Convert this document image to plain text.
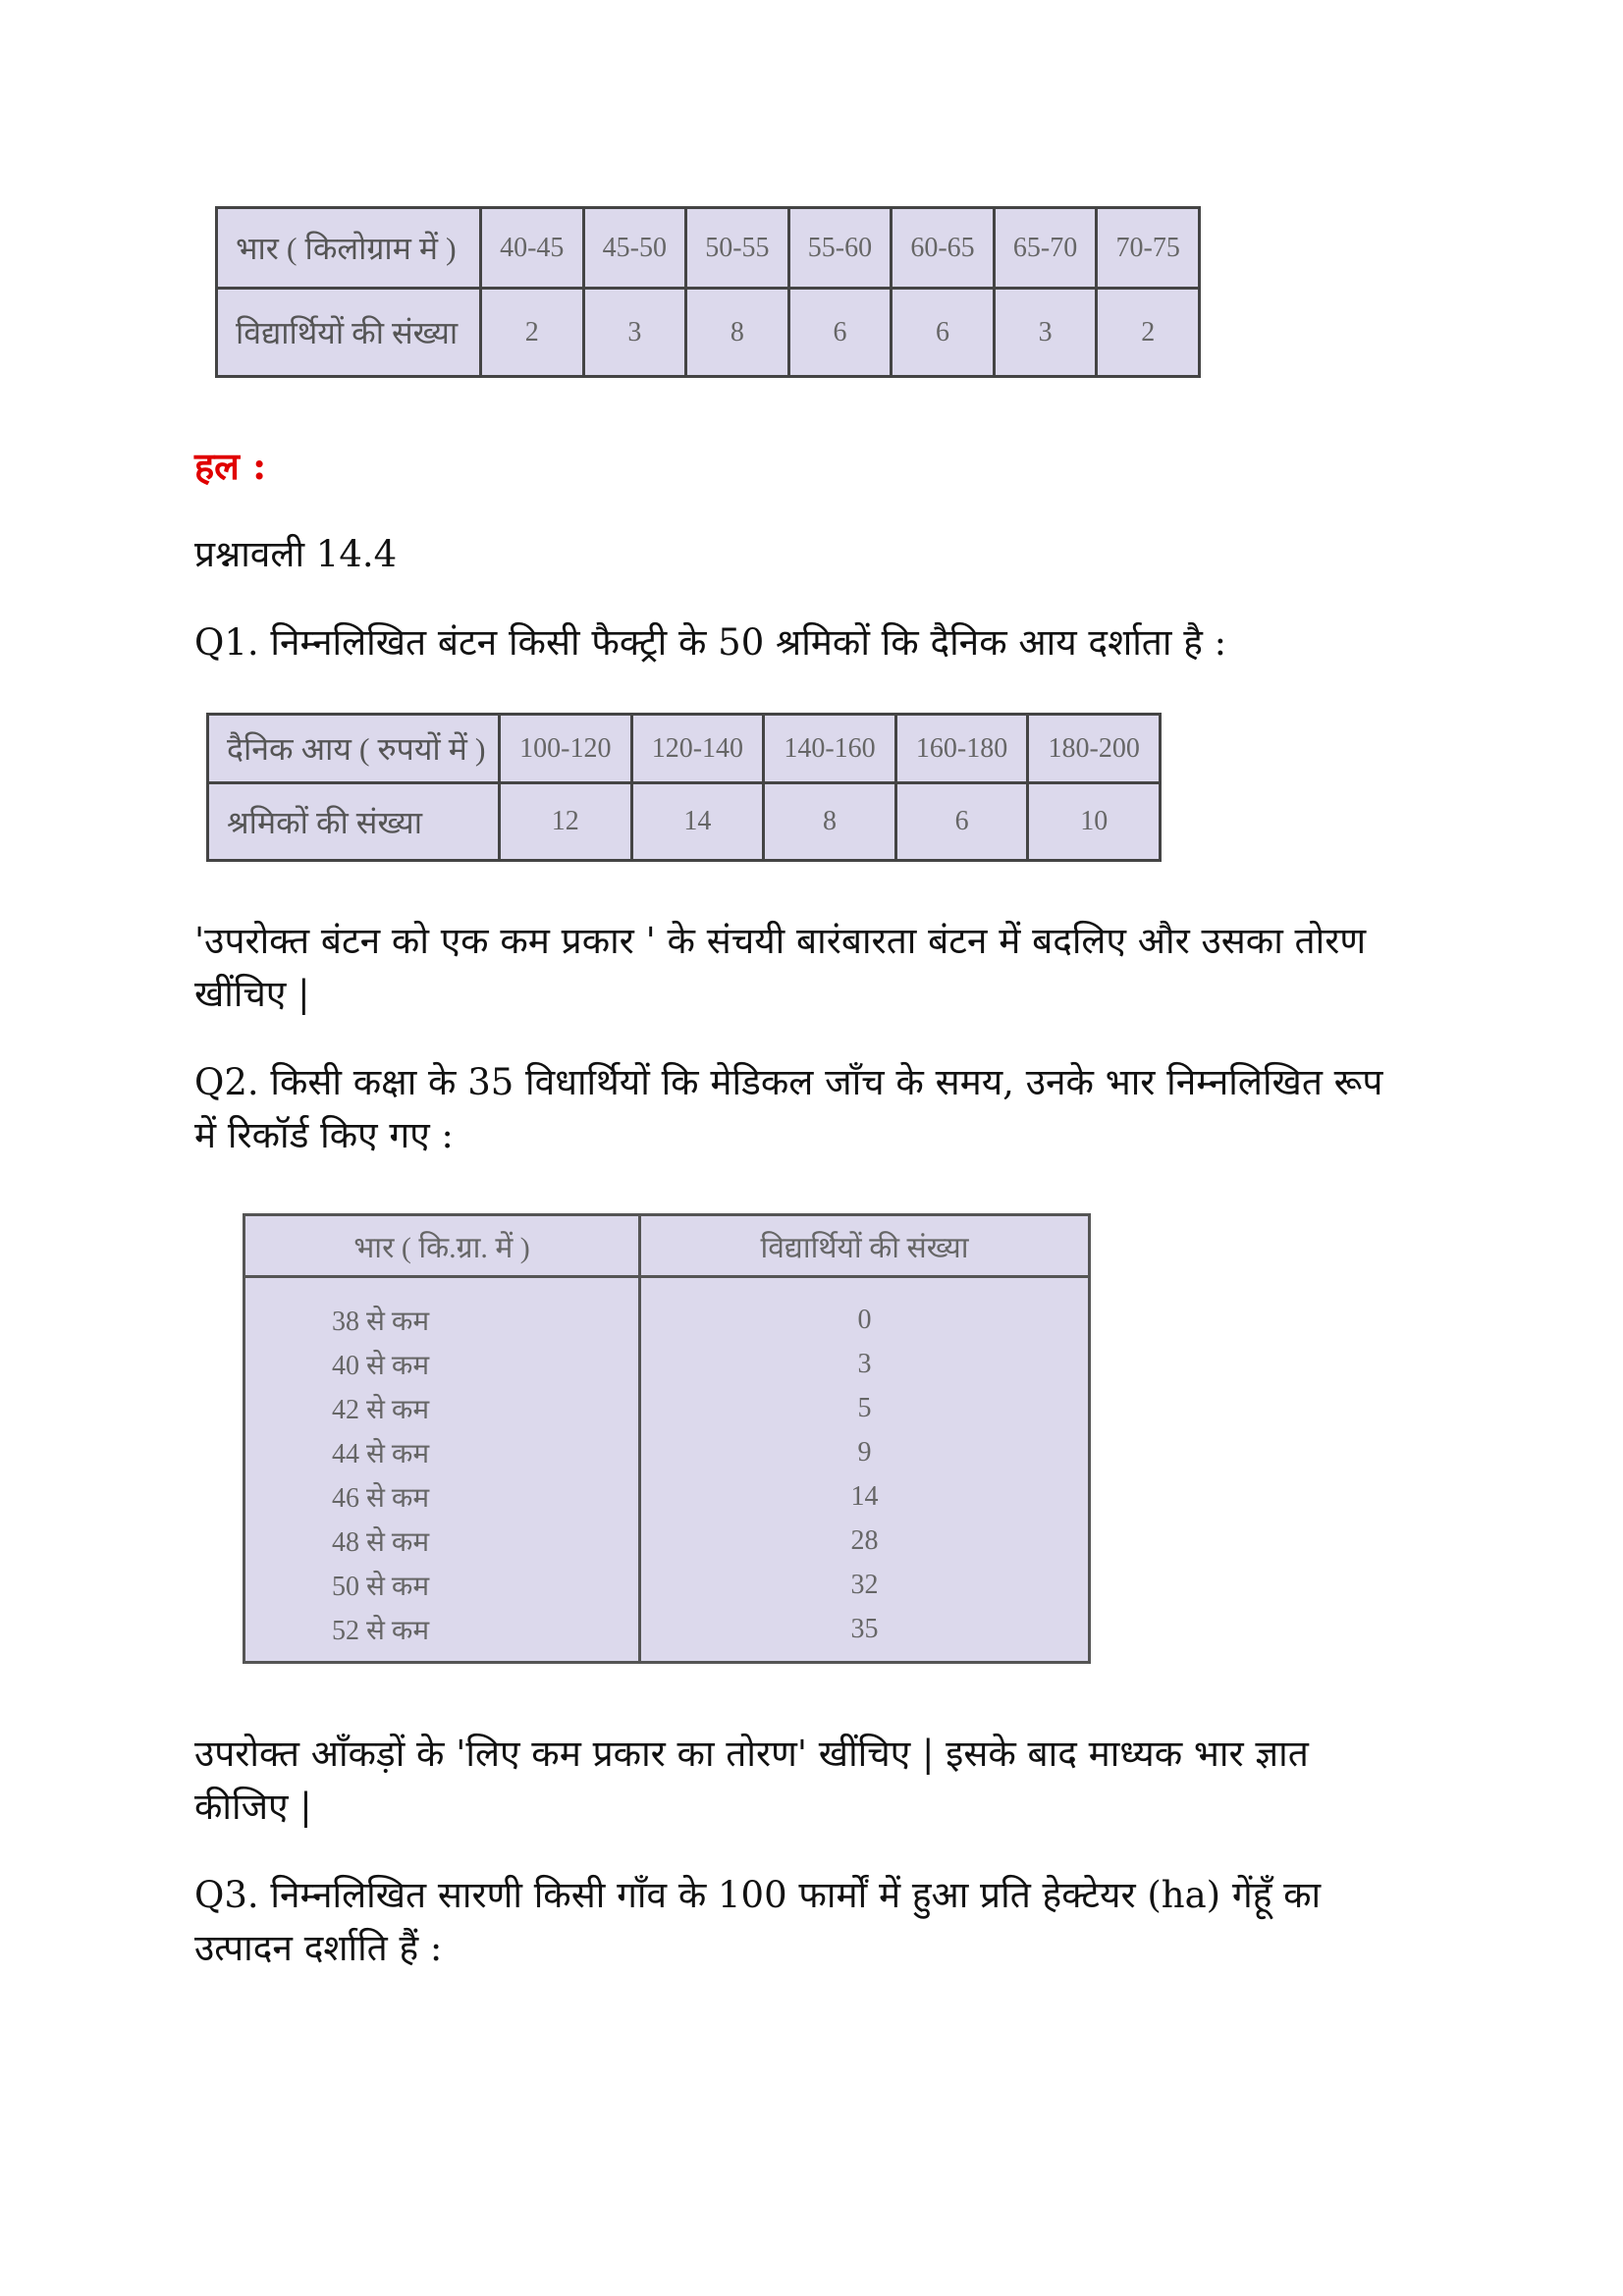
भार ( किलोग्राम में )	40-45	45-50	50-55	55-60	60-65	65-70	70-75
विद्यार्थियों की संख्या	2	3	8	6	6	3	2
हल :
प्रश्नावली 14.4
Q1. निम्नलिखित बंटन किसी फैक्ट्री के 50 श्रमिकों कि दैनिक आय दर्शाता है :
दैनिक आय ( रुपयों में )	100-120	120-140	140-160	160-180	180-200
श्रमिकों की संख्या	12	14	8	6	10
'उपरोक्त बंटन को एक कम प्रकार ' के संचयी बारंबारता बंटन में बदलिए और उसका तोरण
खींचिए |
Q2. किसी कक्षा के 35 विधार्थियों कि मेडिकल जाँच के समय, उनके भार निम्नलिखित रूप
में रिकॉर्ड किए गए :
भार ( कि.ग्रा. में )	विद्यार्थियों की संख्या

38 से कम	0
40 से कम	3
42 से कम	5
44 से कम	9
46 से कम	14
48 से कम	28
50 से कम	32
52 से कम	35

उपरोक्त आँकड़ों के 'लिए कम प्रकार का तोरण' खींचिए | इसके बाद माध्यक भार ज्ञात
कीजिए |
Q3. निम्नलिखित सारणी किसी गाँव के 100 फार्मों में हुआ प्रति हेक्टेयर (ha) गेंहूँ का
उत्पादन दर्शाति हैं :
